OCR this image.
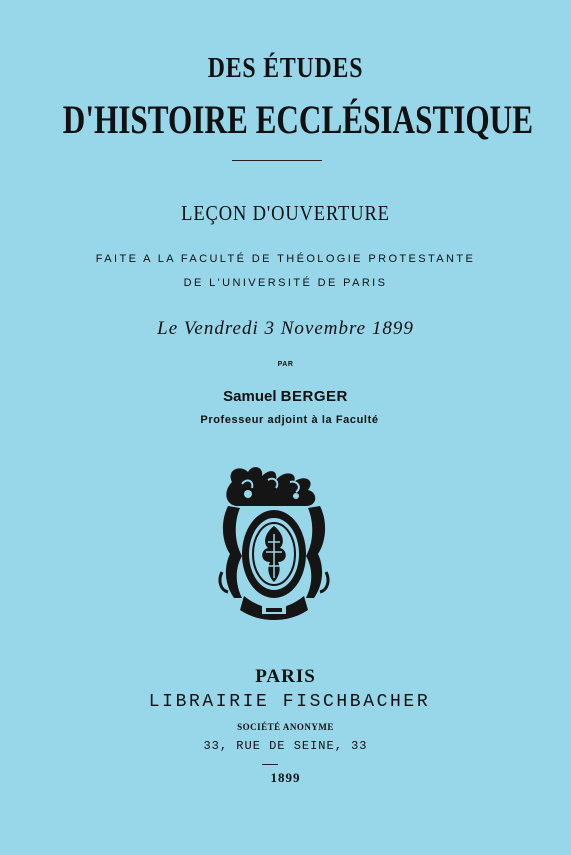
DES ÉTUDES
D'HISTOIRE ECCLÉSIASTIQUE
LEÇON D'OUVERTURE
FAITE A LA FACULTÉ DE THÉOLOGIE PROTESTANTE
DE L'UNIVERSITÉ DE PARIS
Le Vendredi 3 Novembre 1899
PAR
Samuel BERGER
Professeur adjoint à la Faculté
PARIS
LIBRAIRIE FISCHBACHER
SOCIÉTÉ ANONYME
33, RUE DE SEINE, 33
1899
